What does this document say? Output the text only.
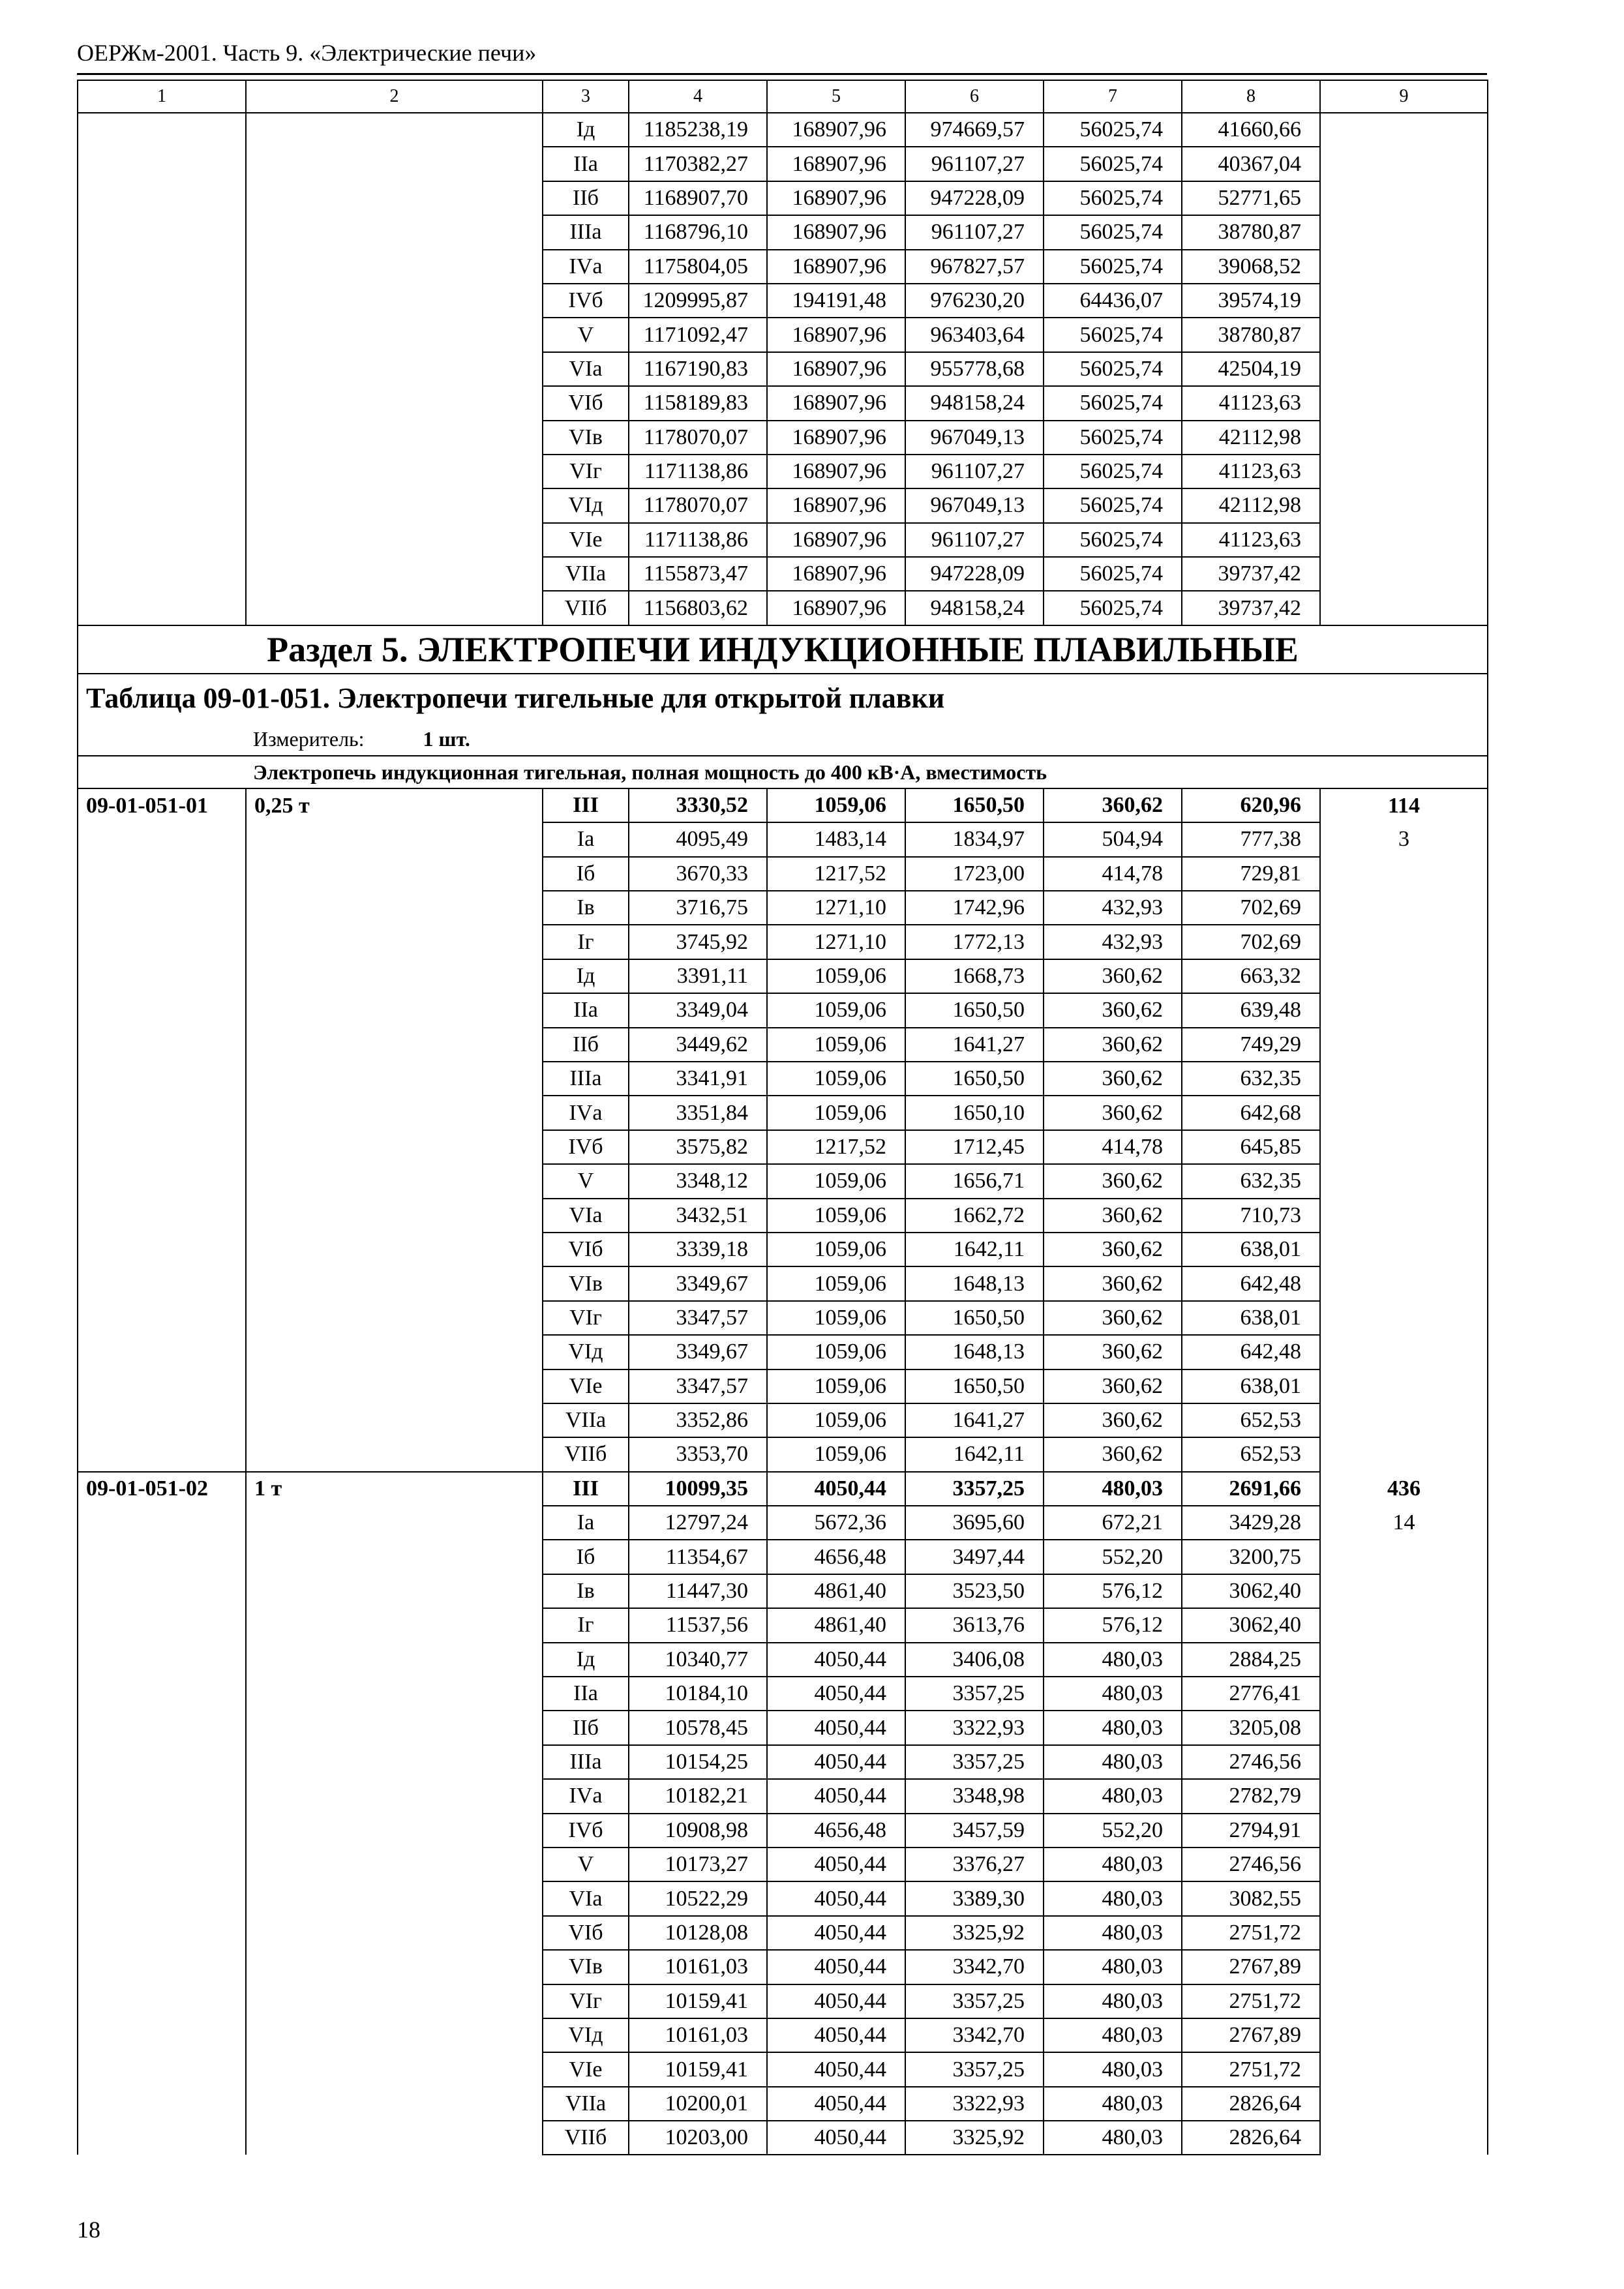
ОЕРЖм-2001. Часть 9. «Электрические печи»
1	2	3	4	5	6	7	8	9
		Iд	1185238,19	168907,96	974669,57	56025,74	41660,66	
		IIа	1170382,27	168907,96	961107,27	56025,74	40367,04	
		IIб	1168907,70	168907,96	947228,09	56025,74	52771,65	
		IIIа	1168796,10	168907,96	961107,27	56025,74	38780,87	
		IVа	1175804,05	168907,96	967827,57	56025,74	39068,52	
		IVб	1209995,87	194191,48	976230,20	64436,07	39574,19	
		V	1171092,47	168907,96	963403,64	56025,74	38780,87	
		VIа	1167190,83	168907,96	955778,68	56025,74	42504,19	
		VIб	1158189,83	168907,96	948158,24	56025,74	41123,63	
		VIв	1178070,07	168907,96	967049,13	56025,74	42112,98	
		VIг	1171138,86	168907,96	961107,27	56025,74	41123,63	
		VIд	1178070,07	168907,96	967049,13	56025,74	42112,98	
		VIе	1171138,86	168907,96	961107,27	56025,74	41123,63	
		VIIа	1155873,47	168907,96	947228,09	56025,74	39737,42	
		VIIб	1156803,62	168907,96	948158,24	56025,74	39737,42	
Раздел 5. ЭЛЕКТРОПЕЧИ ИНДУКЦИОННЫЕ ПЛАВИЛЬНЫЕ								
Таблица 09-01-051. Электропечи тигельные для открытой плавки								
Измеритель: 1 шт.								
Электропечь индукционная тигельная, полная мощность до 400 кВ·А, вместимость								
09-01-051-01	0,25 т	III	3330,52	1059,06	1650,50	360,62	620,96	114
		Iа	4095,49	1483,14	1834,97	504,94	777,38	3
		Iб	3670,33	1217,52	1723,00	414,78	729,81	
		Iв	3716,75	1271,10	1742,96	432,93	702,69	
		Iг	3745,92	1271,10	1772,13	432,93	702,69	
		Iд	3391,11	1059,06	1668,73	360,62	663,32	
		IIа	3349,04	1059,06	1650,50	360,62	639,48	
		IIб	3449,62	1059,06	1641,27	360,62	749,29	
		IIIа	3341,91	1059,06	1650,50	360,62	632,35	
		IVа	3351,84	1059,06	1650,10	360,62	642,68	
		IVб	3575,82	1217,52	1712,45	414,78	645,85	
		V	3348,12	1059,06	1656,71	360,62	632,35	
		VIа	3432,51	1059,06	1662,72	360,62	710,73	
		VIб	3339,18	1059,06	1642,11	360,62	638,01	
		VIв	3349,67	1059,06	1648,13	360,62	642,48	
		VIг	3347,57	1059,06	1650,50	360,62	638,01	
		VIд	3349,67	1059,06	1648,13	360,62	642,48	
		VIе	3347,57	1059,06	1650,50	360,62	638,01	
		VIIа	3352,86	1059,06	1641,27	360,62	652,53	
		VIIб	3353,70	1059,06	1642,11	360,62	652,53	
09-01-051-02	1 т	III	10099,35	4050,44	3357,25	480,03	2691,66	436
		Iа	12797,24	5672,36	3695,60	672,21	3429,28	14
		Iб	11354,67	4656,48	3497,44	552,20	3200,75	
		Iв	11447,30	4861,40	3523,50	576,12	3062,40	
		Iг	11537,56	4861,40	3613,76	576,12	3062,40	
		Iд	10340,77	4050,44	3406,08	480,03	2884,25	
		IIа	10184,10	4050,44	3357,25	480,03	2776,41	
		IIб	10578,45	4050,44	3322,93	480,03	3205,08	
		IIIа	10154,25	4050,44	3357,25	480,03	2746,56	
		IVа	10182,21	4050,44	3348,98	480,03	2782,79	
		IVб	10908,98	4656,48	3457,59	552,20	2794,91	
		V	10173,27	4050,44	3376,27	480,03	2746,56	
		VIа	10522,29	4050,44	3389,30	480,03	3082,55	
		VIб	10128,08	4050,44	3325,92	480,03	2751,72	
		VIв	10161,03	4050,44	3342,70	480,03	2767,89	
		VIг	10159,41	4050,44	3357,25	480,03	2751,72	
		VIд	10161,03	4050,44	3342,70	480,03	2767,89	
		VIе	10159,41	4050,44	3357,25	480,03	2751,72	
		VIIа	10200,01	4050,44	3322,93	480,03	2826,64	
		VIIб	10203,00	4050,44	3325,92	480,03	2826,64	
18
